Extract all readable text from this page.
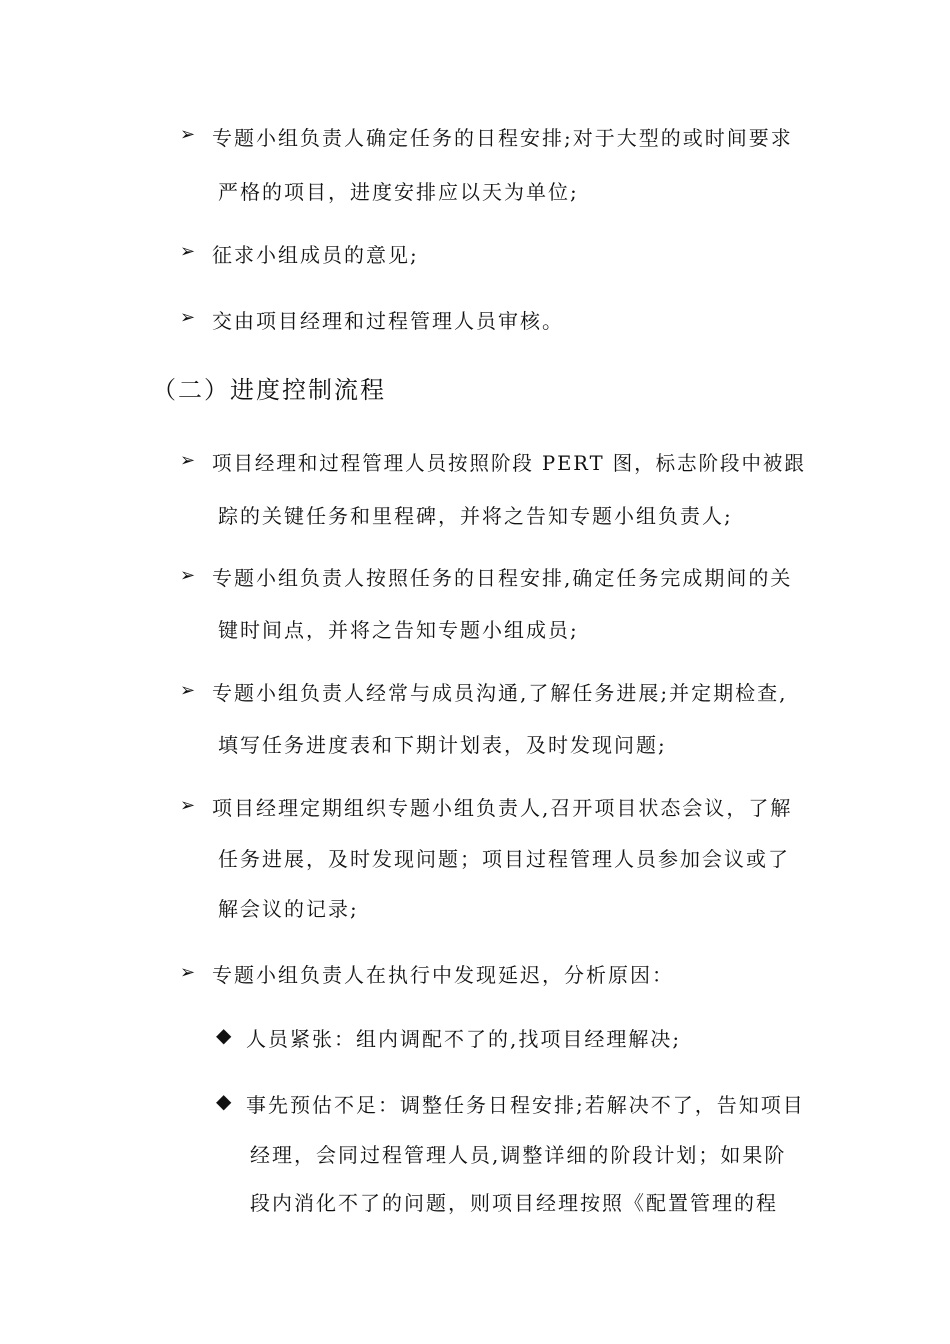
➢ 专题小组负责人确定任务的日程安排;对于大型的或时间要求
严格的项目，进度安排应以天为单位;
➢ 征求小组成员的意见;
➢ 交由项目经理和过程管理人员审核。
（二）进度控制流程
➢ 项目经理和过程管理人员按照阶段 PERT 图，标志阶段中被跟
踪的关键任务和里程碑，并将之告知专题小组负责人;
➢ 专题小组负责人按照任务的日程安排,确定任务完成期间的关
键时间点，并将之告知专题小组成员;
➢ 专题小组负责人经常与成员沟通,了解任务进展;并定期检查,
填写任务进度表和下期计划表，及时发现问题;
➢ 项目经理定期组织专题小组负责人,召开项目状态会议，了解
任务进展，及时发现问题；项目过程管理人员参加会议或了
解会议的记录;
➢ 专题小组负责人在执行中发现延迟，分析原因：
◆ 人员紧张：组内调配不了的,找项目经理解决;
◆ 事先预估不足：调整任务日程安排;若解决不了，告知项目
经理，会同过程管理人员,调整详细的阶段计划；如果阶
段内消化不了的问题，则项目经理按照《配置管理的程
